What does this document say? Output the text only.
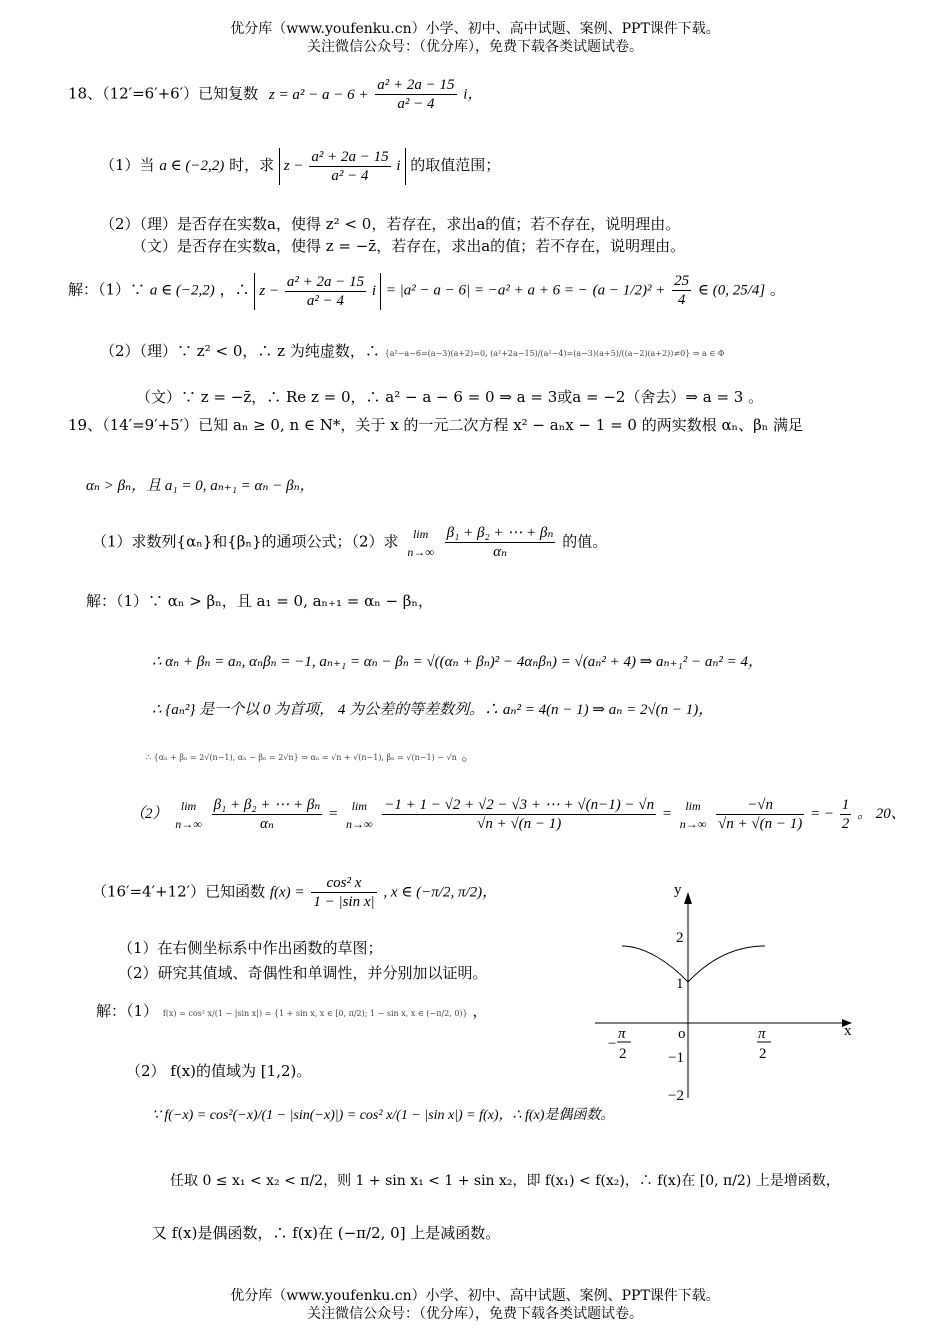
优分库（www.youfenku.cn）小学、初中、高中试题、案例、PPT课件下载。
关注微信公众号：（优分库），免费下载各类试题试卷。
18、（12′=6′+6′）已知复数 $z = a^2 - a - 6 + \frac{\text{a² + 2a − 15}}{\text{a² − 4}}$ i，
（1）当 a ∈ (−2,2) 时，求 $z - \frac{\text{a² + 2a − 15}}{\text{a² − 4}}$ i 的取值范围；
（2）（理）是否存在实数a，使得 z² < 0，若存在，求出a的值；若不存在，说明理由。
（文）是否存在实数a，使得 z = −z̄，若存在，求出a的值；若不存在，说明理由。
解：（1）∵ a ∈ (−2,2) ，∴ $z - \frac{\text{a² + 2a − 15}}{\text{a² − 4}}$ i = |a² − a − 6| = −a² + a + 6 = − $(a - 1/2)^2 + \frac{25}{4}$ ∈ (0, 25/4] 。
（2）（理）∵ z² < 0，∴ z 为纯虚数，∴ {a²−a−6=(a−3)(a+2)=0, (a²+2a−15)/(a²−4)=(a−3)(a+5)/((a−2)(a+2))≠0} ⇒ a ∈ Φ
（文）∵ z = −z̄，∴ Re z = 0，∴ a² − a − 6 = 0 ⇒ a = 3或a = −2（舍去）⇒ a = 3 。
19、（14′=9′+5′）已知 aₙ ≥ 0, n ∈ N*，关于 x 的一元二次方程 x² − aₙx − 1 = 0 的两实数根 αₙ、βₙ 满足
αₙ > βₙ，且 a₁ = 0, aₙ₊₁ = αₙ − βₙ，
（1）求数列{αₙ}和{βₙ}的通项公式；（2）求	lim
n→∞
$\frac{\text{β₁ + β₂ + ⋯ + βₙ}}{\text{αₙ}}$ 的值。
解：（1）∵ αₙ > βₙ，且 a₁ = 0, aₙ₊₁ = αₙ − βₙ，
∴ αₙ + βₙ = aₙ, αₙβₙ = −1, aₙ₊₁ = αₙ − βₙ = √((αₙ + βₙ)² − 4αₙβₙ) = √(aₙ² + 4) ⇒ aₙ₊₁² − aₙ² = 4，
∴ {aₙ²} 是一个以 0 为首项， 4 为公差的等差数列。∴ aₙ² = 4(n − 1) ⇒ aₙ = 2√(n − 1)，
∴ {αₙ + βₙ = 2√(n−1), αₙ − βₙ = 2√n} ⇒ αₙ = √n + √(n−1), βₙ = √(n−1) − √n 。
（2）
lim
n→∞
$\frac{\text{β₁ + β₂ + ⋯ + βₙ}}{\text{αₙ}}$ =
lim
n→∞
$\frac{-1 + 1 - √2 + √2 - √3 + \cdots + √(n-1) - √n}{√n + √(n - 1)}$ =
lim
n→∞
$\frac{-√n}{√n + √(n - 1)}$ = − $\frac{1}{2}$ 。 20、
（16′=4′+12′）已知函数 $f(x) = \frac{\text{cos² x}}{\text{1 − |sin x|}}$ , x ∈ (−π/2, π/2)，
（1）在右侧坐标系中作出函数的草图；
（2）研究其值域、奇偶性和单调性，并分别加以证明。
解：（1） f(x) = cos² x/(1 − |sin x|) = {1 + sin x, x ∈ [0, π/2); 1 − sin x, x ∈ (−π/2, 0)} ，
（2） f(x)的值域为 [1,2)。
∵ f(−x) = cos²(−x)/(1 − |sin(−x)|) = cos² x/(1 − |sin x|) = f(x)，∴ f(x)是偶函数。
任取 0 ≤ x₁ < x₂ < π/2，则 1 + sin x₁ < 1 + sin x₂，即 f(x₁) < f(x₂)，∴ f(x)在 [0, π/2) 上是增函数，
又 f(x)是偶函数，∴ f(x)在 (−π/2, 0] 上是减函数。
y
x
o
2
1
−1
−2
−
π
2
π
2
优分库（www.youfenku.cn）小学、初中、高中试题、案例、PPT课件下载。
关注微信公众号：（优分库），免费下载各类试题试卷。
